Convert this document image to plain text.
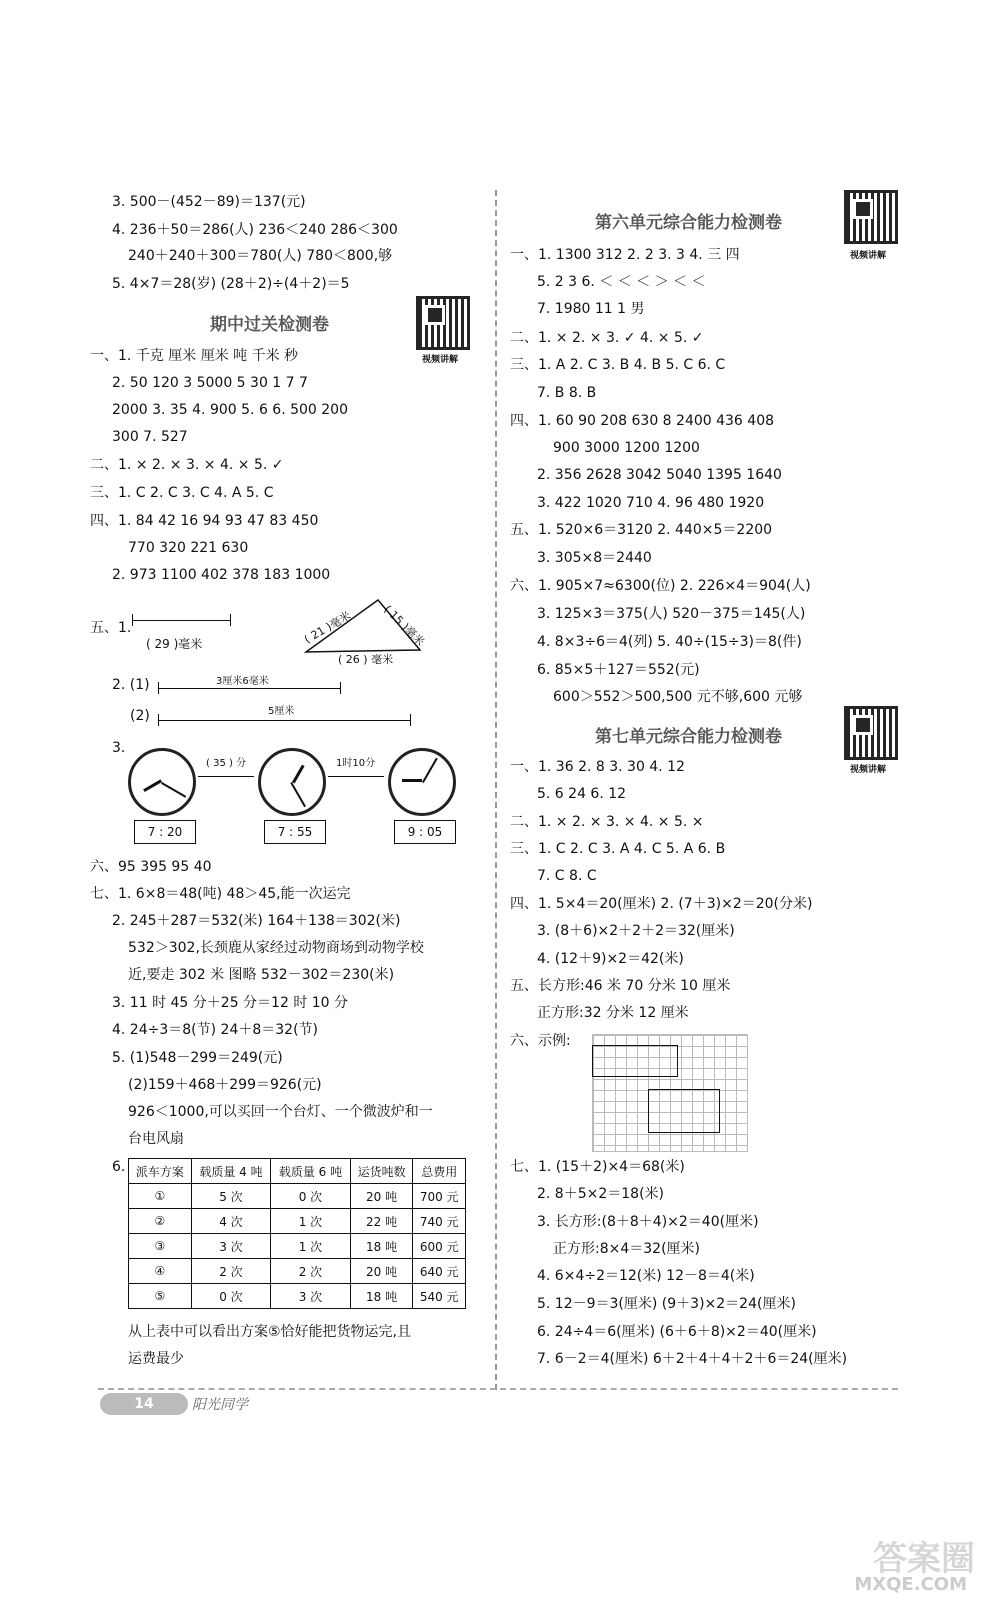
3. 500－(452－89)＝137(元)
4. 236＋50＝286(人) 236＜240 286＜300
240＋240＋300＝780(人) 780＜800,够
5. 4×7＝28(岁) (28＋2)÷(4＋2)＝5
期中过关检测卷
视频讲解
一、1. 千克 厘米 厘米 吨 千米 秒
2. 50 120 3 5000 5 30 1 7 7
2000 3. 35 4. 900 5. 6 6. 500 200
300 7. 527
二、1. × 2. × 3. × 4. × 5. ✓
三、1. C 2. C 3. C 4. A 5. C
四、1. 84 42 16 94 93 47 83 450
770 320 221 630
2. 973 1100 402 378 183 1000
五、1.
( 29 )毫米	( 21 )毫米	( 15 )毫米
( 26 ) 毫米
2. (1)	3厘米6毫米
(2)	5厘米
3.
( 35 ) 分	1时10分
7 : 20	7 : 55	9 : 05
六、95 395 95 40
七、1. 6×8＝48(吨) 48＞45,能一次运完
2. 245＋287＝532(米) 164＋138＝302(米)
532＞302,长颈鹿从家经过动物商场到动物学校
近,要走 302 米 图略 532－302＝230(米)
3. 11 时 45 分＋25 分＝12 时 10 分
4. 24÷3＝8(节) 24＋8＝32(节)
5. (1)548－299＝249(元)
(2)159＋468＋299＝926(元)
926＜1000,可以买回一个台灯、一个微波炉和一
台电风扇
6. 派车方案	载质量 4 吨	载质量 6 吨	运货吨数	总费用
①	5 次	0 次	20 吨	700 元
②	4 次	1 次	22 吨	740 元
③	3 次	1 次	18 吨	600 元
④	2 次	2 次	20 吨	640 元
⑤	0 次	3 次	18 吨	540 元
从上表中可以看出方案⑤恰好能把货物运完,且
运费最少
第六单元综合能力检测卷
视频讲解
一、1. 1300 312 2. 2 3. 3 4. 三 四
5. 2 3 6. ＜ ＜ ＜ ＞ ＜ ＜
7. 1980 11 1 男
二、1. × 2. × 3. ✓ 4. × 5. ✓
三、1. A 2. C 3. B 4. B 5. C 6. C
7. B 8. B
四、1. 60 90 208 630 8 2400 436 408
900 3000 1200 1200
2. 356 2628 3042 5040 1395 1640
3. 422 1020 710 4. 96 480 1920
五、1. 520×6＝3120 2. 440×5＝2200
3. 305×8＝2440
六、1. 905×7≈6300(位) 2. 226×4＝904(人)
3. 125×3＝375(人) 520－375＝145(人)
4. 8×3÷6＝4(列) 5. 40÷(15÷3)＝8(件)
6. 85×5＋127＝552(元)
600＞552＞500,500 元不够,600 元够
第七单元综合能力检测卷
视频讲解
一、1. 36 2. 8 3. 30 4. 12
5. 6 24 6. 12
二、1. × 2. × 3. × 4. × 5. ×
三、1. C 2. C 3. A 4. C 5. A 6. B
7. C 8. C
四、1. 5×4＝20(厘米) 2. (7＋3)×2＝20(分米)
3. (8＋6)×2＋2＋2＝32(厘米)
4. (12＋9)×2＝42(米)
五、长方形:46 米 70 分米 10 厘米
正方形:32 分米 12 厘米
六、示例:
七、1. (15＋2)×4＝68(米)
2. 8＋5×2＝18(米)
3. 长方形:(8＋8＋4)×2＝40(厘米)
正方形:8×4＝32(厘米)
4. 6×4÷2＝12(米) 12－8＝4(米)
5. 12－9＝3(厘米) (9＋3)×2＝24(厘米)
6. 24÷4＝6(厘米) (6＋6＋8)×2＝40(厘米)
7. 6－2＝4(厘米) 6＋2＋4＋4＋2＋6＝24(厘米)
14	阳光同学
答案圈
MXQE.COM
